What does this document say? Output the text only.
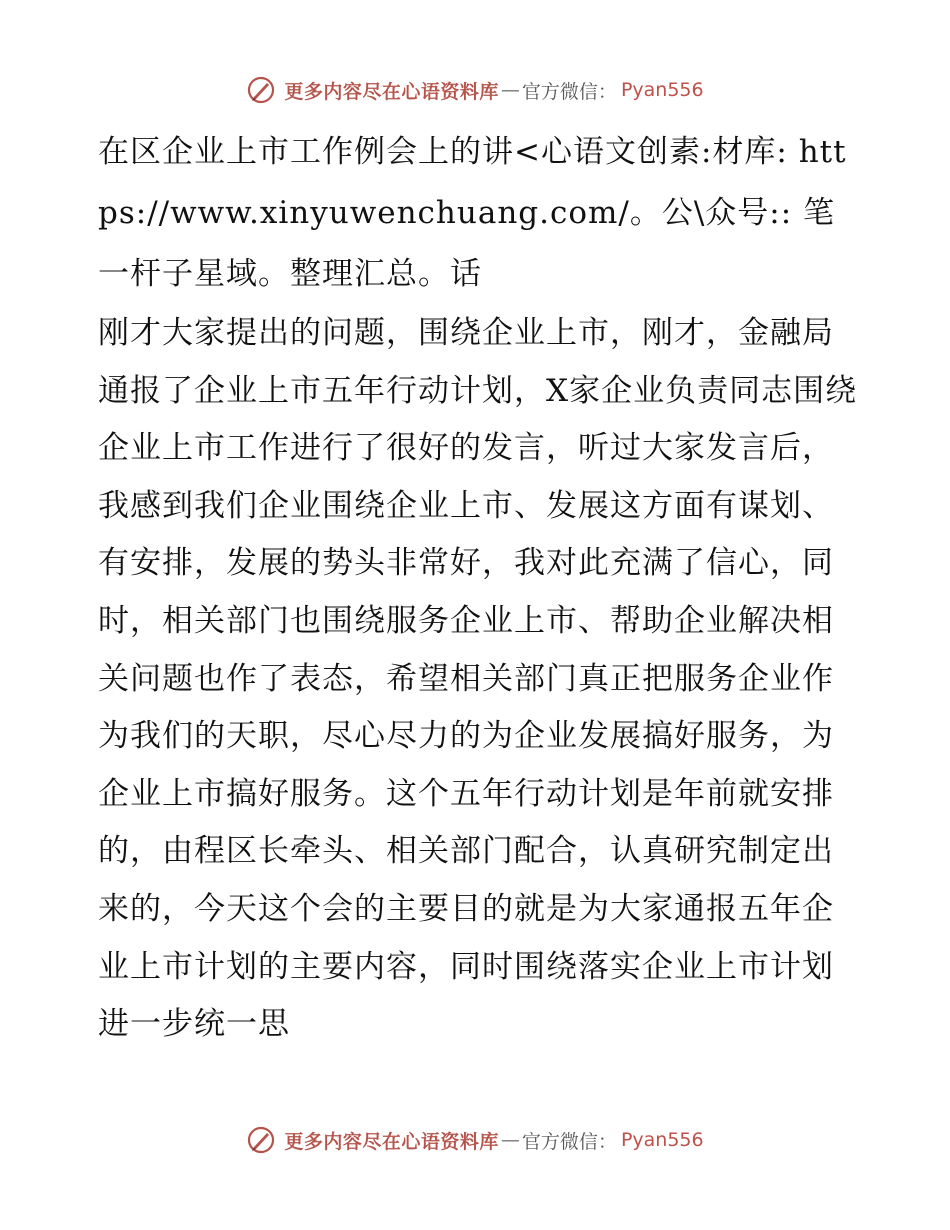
更多内容尽在心语资料库 — 官方微信： Pyan556
在区企业上市工作例会上的讲<心语文创素:材库: https://www.xinyuwenchuang.com/。公\众号:: 笔一杆子星域。整理汇总。话

刚才大家提出的问题，围绕企业上市，刚才，金融局通报了企业上市五年行动计划，X家企业负责同志围绕企业上市工作进行了很好的发言，听过大家发言后，我感到我们企业围绕企业上市、发展这方面有谋划、有安排，发展的势头非常好，我对此充满了信心，同时，相关部门也围绕服务企业上市、帮助企业解决相关问题也作了表态，希望相关部门真正把服务企业作为我们的天职，尽心尽力的为企业发展搞好服务，为企业上市搞好服务。这个五年行动计划是年前就安排的，由程区长牵头、相关部门配合，认真研究制定出来的，今天这个会的主要目的就是为大家通报五年企业上市计划的主要内容，同时围绕落实企业上市计划进一步统一思

更多内容尽在心语资料库 — 官方微信： Pyan556
